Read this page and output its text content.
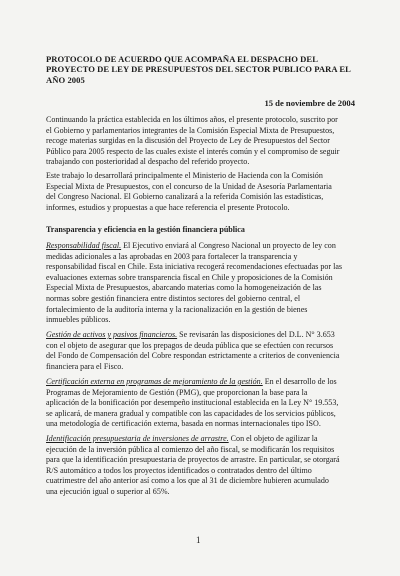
PROTOCOLO DE ACUERDO QUE ACOMPAÑA EL DESPACHO DEL
PROYECTO DE LEY DE PRESUPUESTOS DEL SECTOR PUBLICO PARA EL
AÑO 2005
15 de noviembre de 2004
Continuando la práctica establecida en los últimos años, el presente protocolo, suscrito por
el Gobierno y parlamentarios integrantes de la Comisión Especial Mixta de Presupuestos,
recoge materias surgidas en la discusión del Proyecto de Ley de Presupuestos del Sector
Público para 2005 respecto de las cuales existe el interés común y el compromiso de seguir
trabajando con posterioridad al despacho del referido proyecto.
Este trabajo lo desarrollará principalmente el Ministerio de Hacienda con la Comisión
Especial Mixta de Presupuestos, con el concurso de la Unidad de Asesoría Parlamentaria
del Congreso Nacional. El Gobierno canalizará a la referida Comisión las estadísticas,
informes, estudios y propuestas a que hace referencia el presente Protocolo.
Transparencia y eficiencia en la gestión financiera pública
Responsabilidad fiscal. El Ejecutivo enviará al Congreso Nacional un proyecto de ley con
medidas adicionales a las aprobadas en 2003 para fortalecer la transparencia y
responsabilidad fiscal en Chile. Esta iniciativa recogerá recomendaciones efectuadas por las
evaluaciones externas sobre transparencia fiscal en Chile y proposiciones de la Comisión
Especial Mixta de Presupuestos, abarcando materias como la homogeneización de las
normas sobre gestión financiera entre distintos sectores del gobierno central, el
fortalecimiento de la auditoría interna y la racionalización en la gestión de bienes
inmuebles públicos.
Gestión de activos y pasivos financieros. Se revisarán las disposiciones del D.L. N° 3.653
con el objeto de asegurar que los prepagos de deuda pública que se efectúen con recursos
del Fondo de Compensación del Cobre respondan estrictamente a criterios de conveniencia
financiera para el Fisco.
Certificación externa en programas de mejoramiento de la gestión. En el desarrollo de los
Programas de Mejoramiento de Gestión (PMG), que proporcionan la base para la
aplicación de la bonificación por desempeño institucional establecida en la Ley N° 19.553,
se aplicará, de manera gradual y compatible con las capacidades de los servicios públicos,
una metodología de certificación externa, basada en normas internacionales tipo ISO.
Identificación presupuestaria de inversiones de arrastre. Con el objeto de agilizar la
ejecución de la inversión pública al comienzo del año fiscal, se modificarán los requisitos
para que la identificación presupuestaria de proyectos de arrastre. En particular, se otorgará
R/S automático a todos los proyectos identificados o contratados dentro del último
cuatrimestre del año anterior así como a los que al 31 de diciembre hubieren acumulado
una ejecución igual o superior al 65%.
1
